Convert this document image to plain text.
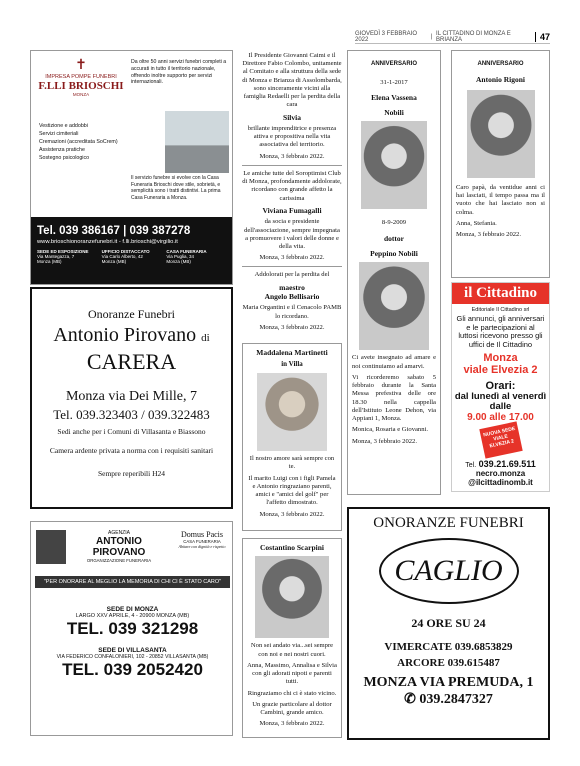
GIOVEDÌ 3 FEBBRAIO 2022	| IL CITTADINO DI MONZA E BRIANZA	47
✝
IMPRESA POMPE FUNEBRI
F.LLI BRIOSCHI
MONZA
Da oltre 50 anni servizi funebri completi a accurati in tutto il territorio nazionale, offrendo inoltre supporto per servizi internazionali.
Vestizione e addobbi
Servizi cimiteriali
Cremazioni (accreditata SoCrem)
Assistenza pratiche
Sostegno psicologico
Il servizio funebre si evolve con la Casa Funeraria Brioschi dove stile, sobrietà, e semplicità sono i tratti distintivi. La prima Casa Funeraria a Monza.
Tel. 039 386167 | 039 387278
www.brioschionoranzefunebri.it - f.lli.brioschi@virgilio.it
SEDE ED ESPOSIZIONE
Via Mantegazza, 7
Monza (MB)
UFFICIO DISTACCATO
Via Carlo Alberto, 42
Monza (MB)
CASA FUNERARIA
Via Puglia, 34
Monza (MB)
Onoranze Funebri
Antonio Pirovano di
CARERA
Monza via Dei Mille, 7
Tel. 039.323403 / 039.322483
Sedi anche per i Comuni di Villasanta e Biassono
Camera ardente privata a norma con i requisiti sanitari
Sempre reperibili H24
AGENZIA
ANTONIO PIROVANO
ORGANIZZAZIONE FUNERARIA
Domus Pacis
CASA FUNERARIA
Abitare con dignità e rispetto
"PER ONORARE AL MEGLIO LA MEMORIA DI CHI CI È STATO CARO"
SEDE DI MONZA
LARGO XXV APRILE, 4 - 20900 MONZA (MB)
TEL. 039 321298
SEDE DI VILLASANTA
VIA FEDERICO CONFALONIERI, 102 - 20852 VILLASANTA (MB)
TEL. 039 2052420

Il Presidente Giovanni Caimi e il Direttore Fabio Colombo, unitamente al Comitato e alla struttura della sede di Monza e Brianza di Assolombarda, sono sinceramente vicini alla famiglia Redaelli per la perdita della cara

Silvia

brillante imprenditrice e presenza attiva e propositiva nella vita associativa del territorio.

Monza, 3 febbraio 2022.

Le amiche tutte del Soroptimist Club di Monza, profondamente addolorate, ricordano con grande affetto la carissima

Viviana Fumagalli

da socia e presidente dell'associazione, sempre impegnata a promuovere i valori delle donne e della vita.

Monza, 3 febbraio 2022.

Addolorati per la perdita del

maestro

Angelo Bellisario

Maria Organtini e il Cenacolo PAMB lo ricordano.

Monza, 3 febbraio 2022.

Maddalena Martinetti

in Villa

Il nostro amore sarà sempre con te.

Il marito Luigi con i figli Pamela e Antonio ringraziano parenti, amici e "amici del golf" per l'affetto dimostrato.

Monza, 3 febbraio 2022.

Costantino Scarpini

Non sei andato via...sei sempre con noi e nei nostri cuori.

Anna, Massimo, Annalisa e Silvia con gli adorati nipoti e parenti tutti.

Ringraziamo chi ci è stato vicino.

Un grazie particolare al dottor Cambini, grande amico.

Monza, 3 febbraio 2022.

ANNIVERSARIO

31-1-2017

Elena Vassena

Nobili

8-9-2009

dottor

Peppino Nobili

Ci avete insegnato ad amare e noi continuiamo ad amarvi.

Vi ricorderemo sabato 5 febbraio durante la Santa Messa prefestiva delle ore 18.30 nella cappella dell'Istituto Leone Dehon, via Appiani 1, Monza.

Monica, Rosaria e Giovanni.

Monza, 3 febbraio 2022.

ANNIVERSARIO

Antonio Rigoni

Caro papà, da ventidue anni ci hai lasciati, il tempo passa ma il vuoto che hai lasciato non si colma.

Anna, Stefania.

Monza, 3 febbraio 2022.

il Cittadino
Editoriale Il Cittadino srl
Gli annunci, gli anniversari e le partecipazioni al luttosi ricevono presso gli uffici de Il Cittadino
Monza
viale Elvezia 2
Orari:
dal lunedì al venerdì dalle
9.00 alle 17.00
NUOVA SEDE VIALE ELVEZIA 2
Tel. 039.21.69.511
necro.monza
@ilcittadinomb.it
ONORANZE FUNEBRI
CAGLIO
24 ORE SU 24
VIMERCATE 039.6853829
ARCORE 039.615487
MONZA VIA PREMUDA, 1
✆ 039.2847327
